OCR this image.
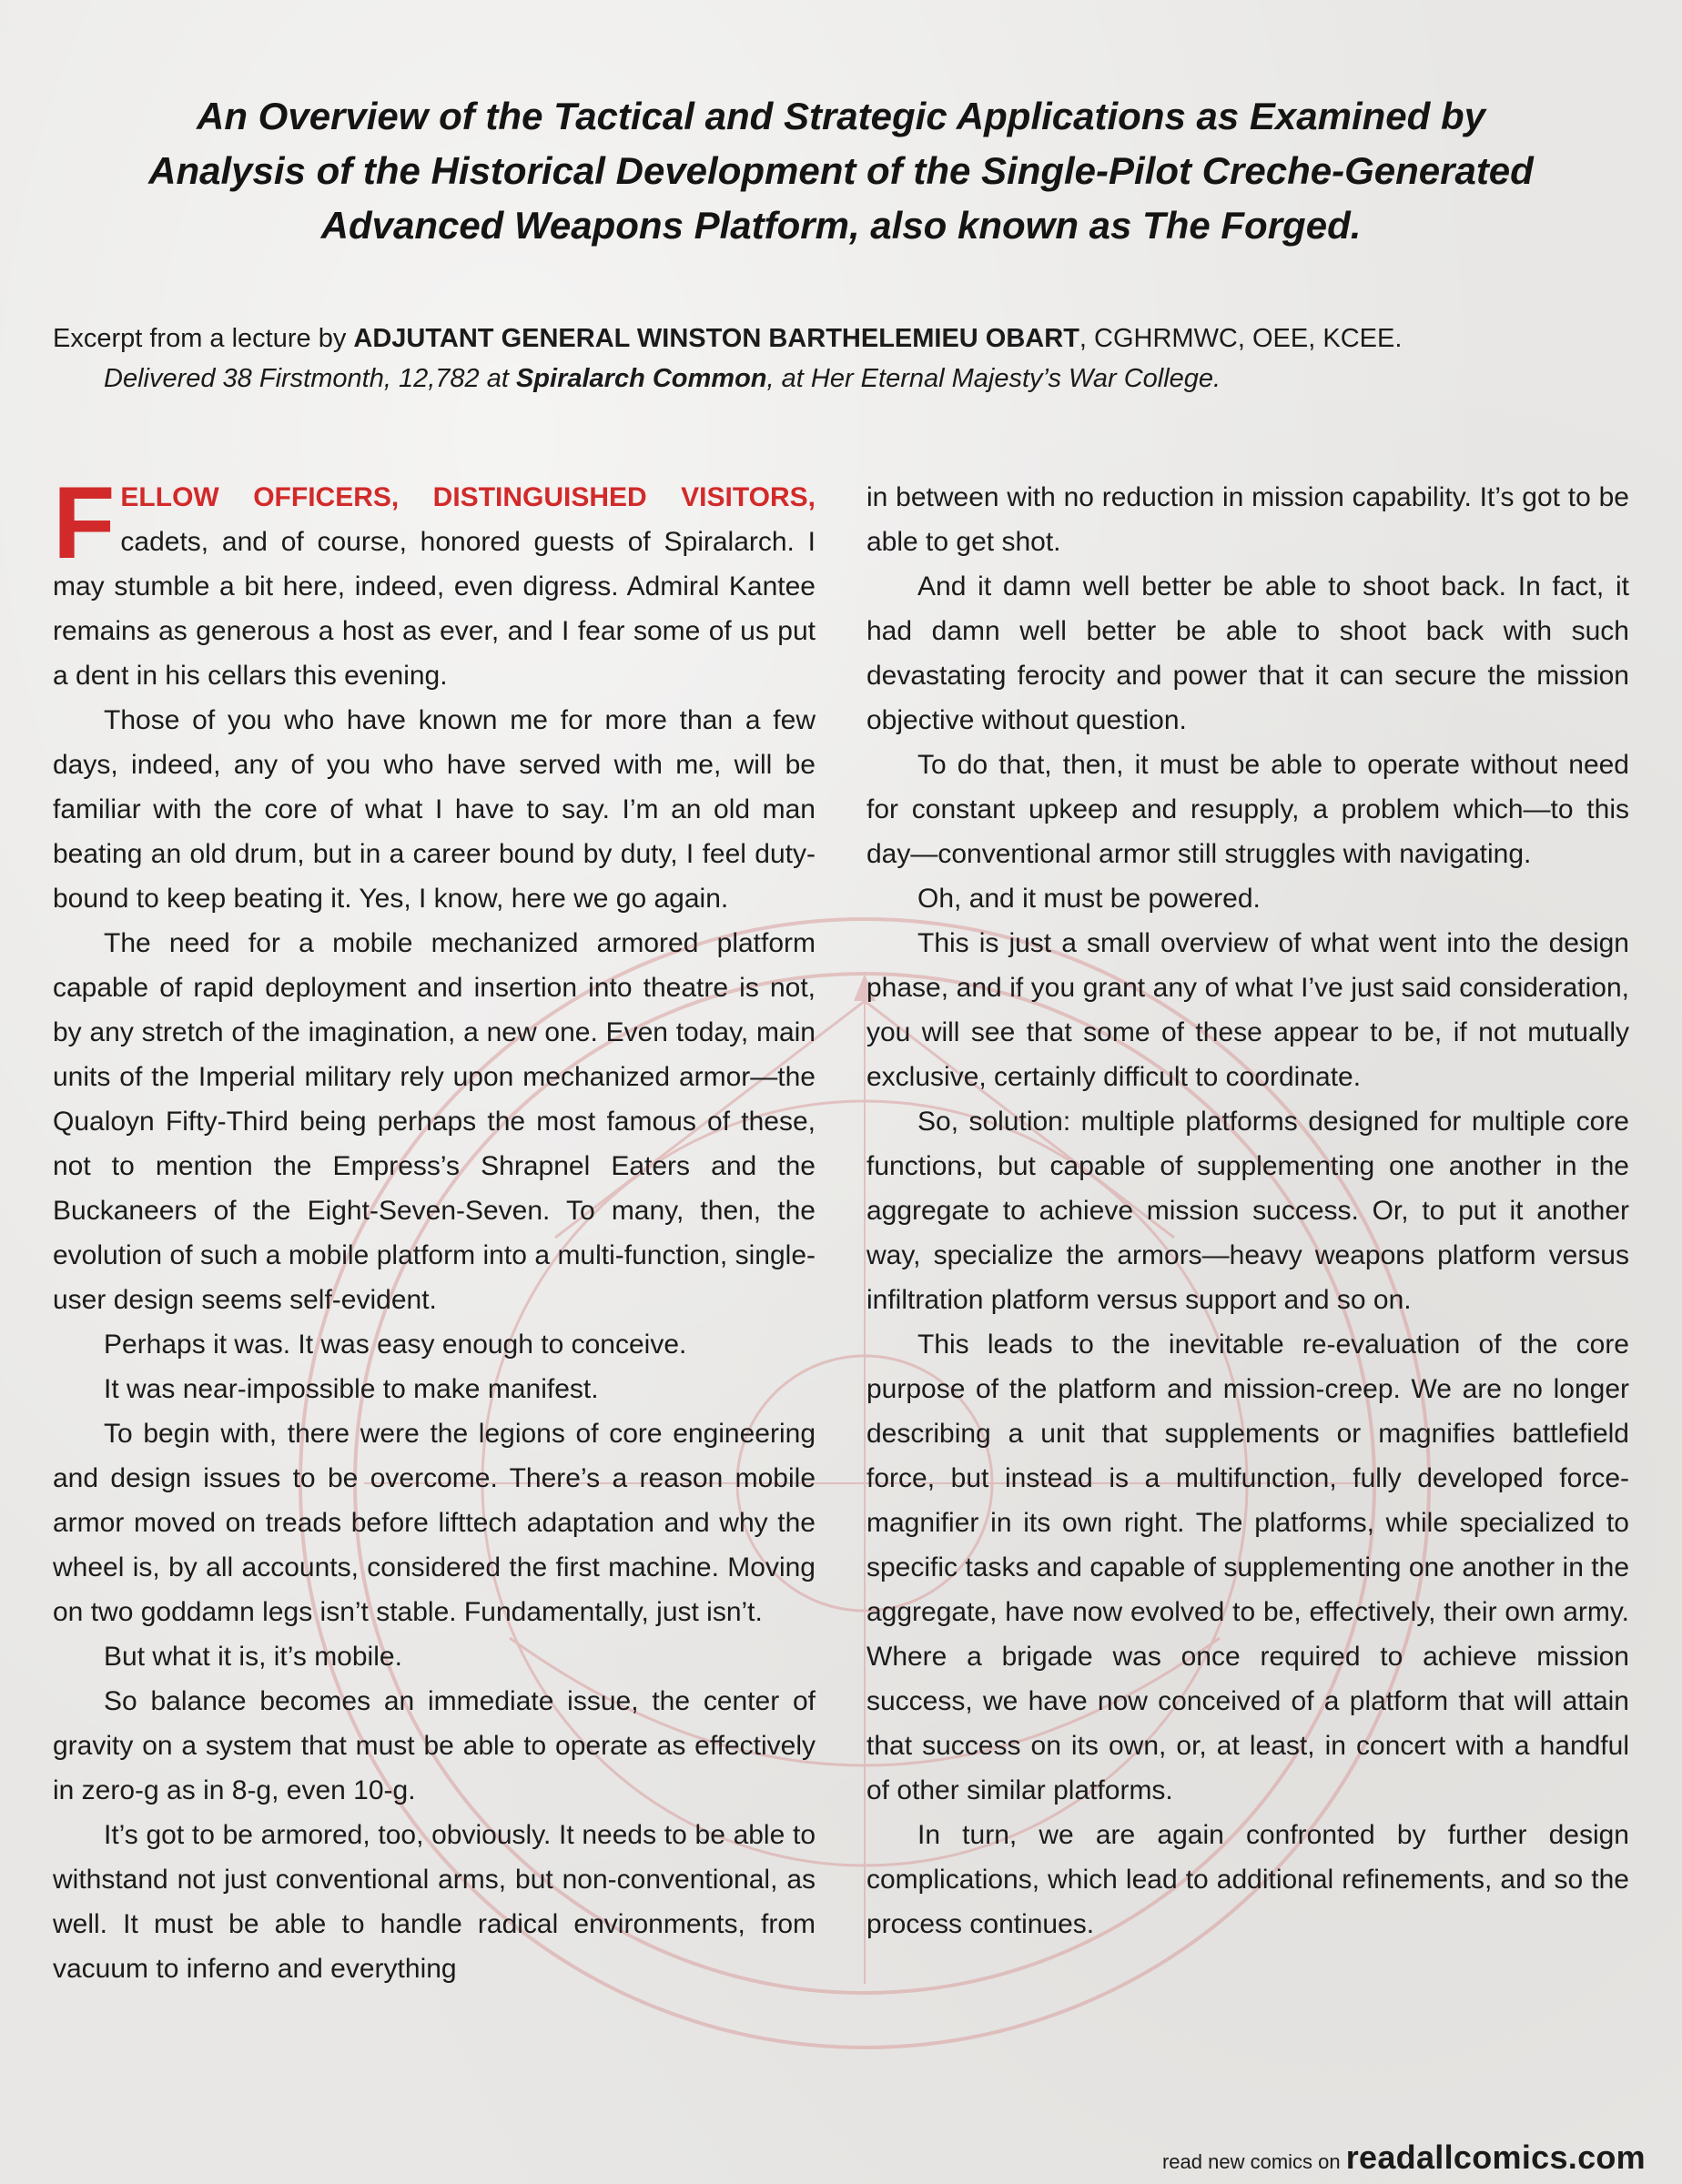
An Overview of the Tactical and Strategic Applications as Examined by
Analysis of the Historical Development of the Single-Pilot Creche-Generated
Advanced Weapons Platform, also known as The Forged.
Excerpt from a lecture by ADJUTANT GENERAL WINSTON BARTHELEMIEU OBART, CGHRMWC, OEE, KCEE.
Delivered 38 Firstmonth, 12,782 at Spiralarch Common, at Her Eternal Majesty’s War College.

FELLOW OFFICERS, DISTINGUISHED VISITORS, cadets, and of course, honored guests of Spiralarch. I may stumble a bit here, indeed, even digress. Admiral Kantee remains as generous a host as ever, and I fear some of us put a dent in his cellars this evening.

Those of you who have known me for more than a few days, indeed, any of you who have served with me, will be familiar with the core of what I have to say. I’m an old man beating an old drum, but in a career bound by duty, I feel duty-bound to keep beating it. Yes, I know, here we go again.

The need for a mobile mechanized armored platform capable of rapid deployment and insertion into theatre is not, by any stretch of the imagination, a new one. Even today, main units of the Imperial military rely upon mechanized armor—the Qualoyn Fifty-Third being perhaps the most famous of these, not to mention the Empress’s Shrapnel Eaters and the Buckaneers of the Eight-Seven-Seven. To many, then, the evolution of such a mobile platform into a multi-function, single-user design seems self-evident.

Perhaps it was. It was easy enough to conceive.

It was near-impossible to make manifest.

To begin with, there were the legions of core engineering and design issues to be overcome. There’s a reason mobile armor moved on treads before lifttech adaptation and why the wheel is, by all accounts, considered the first machine. Moving on two goddamn legs isn’t stable. Fundamentally, just isn’t.

But what it is, it’s mobile.

So balance becomes an immediate issue, the center of gravity on a system that must be able to operate as effectively in zero-g as in 8-g, even 10-g.

It’s got to be armored, too, obviously. It needs to be able to withstand not just conventional arms, but non-conventional, as well. It must be able to handle radical environments, from vacuum to inferno and everything

in between with no reduction in mission capability. It’s got to be able to get shot.

And it damn well better be able to shoot back. In fact, it had damn well better be able to shoot back with such devastating ferocity and power that it can secure the mission objective without question.

To do that, then, it must be able to operate without need for constant upkeep and resupply, a problem which—to this day—conventional armor still struggles with navigating.

Oh, and it must be powered.

This is just a small overview of what went into the design phase, and if you grant any of what I’ve just said consideration, you will see that some of these appear to be, if not mutually exclusive, certainly difficult to coordinate.

So, solution: multiple platforms designed for multiple core functions, but capable of supplementing one another in the aggregate to achieve mission success. Or, to put it another way, specialize the armors—heavy weapons platform versus infiltration platform versus support and so on.

This leads to the inevitable re-evaluation of the core purpose of the platform and mission-creep. We are no longer describing a unit that supplements or magnifies battlefield force, but instead is a multifunction, fully developed force-magnifier in its own right. The platforms, while specialized to specific tasks and capable of supplementing one another in the aggregate, have now evolved to be, effectively, their own army. Where a brigade was once required to achieve mission success, we have now conceived of a platform that will attain that success on its own, or, at least, in concert with a handful of other similar platforms.

In turn, we are again confronted by further design complications, which lead to additional refinements, and so the process continues.

read new comics on readallcomics.com
